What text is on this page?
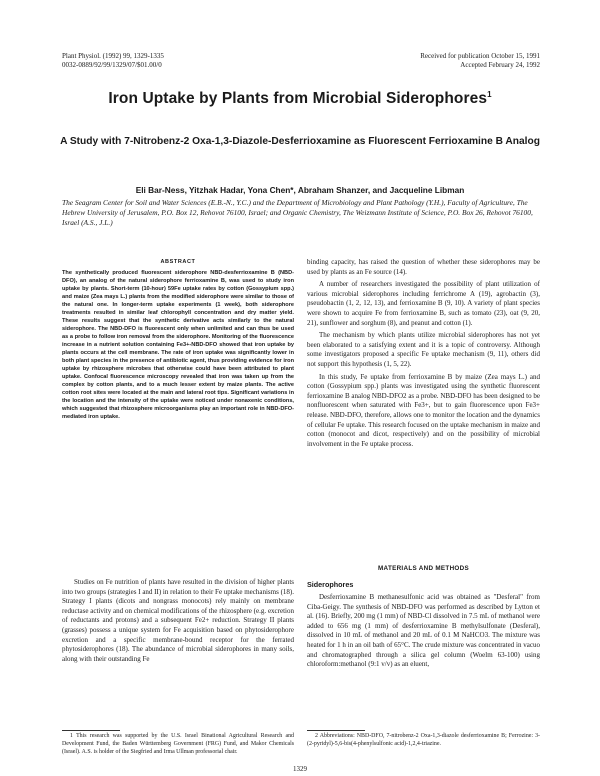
Plant Physiol. (1992) 99, 1329-1335
0032-0889/92/99/1329/07/$01.00/0
Received for publication October 15, 1991
Accepted February 24, 1992
Iron Uptake by Plants from Microbial Siderophores$^1$
A Study with 7-Nitrobenz-2 Oxa-1,3-Diazole-Desferrioxamine as Fluorescent Ferrioxamine B Analog
Eli Bar-Ness, Yitzhak Hadar, Yona Chen*, Abraham Shanzer, and Jacqueline Libman
The Seagram Center for Soil and Water Sciences (E.B.-N., Y.C.) and the Department of Microbiology and Plant Pathology (Y.H.), Faculty of Agriculture, The Hebrew University of Jerusalem, P.O. Box 12, Rehovot 76100, Israel; and Organic Chemistry, The Weizmann Institute of Science, P.O. Box 26, Rehovot 76100, Israel (A.S., J.L.)
ABSTRACT
The synthetically produced fluorescent siderophore NBD-desferrioxamine B (NBD-DFO), an analog of the natural siderophore ferrioxamine B, was used to study iron uptake by plants. Short-term (10-hour) 59Fe uptake rates by cotton (Gossypium spp.) and maize (Zea mays L.) plants from the modified siderophore were similar to those of the natural one. In longer-term uptake experiments (1 week), both siderophore treatments resulted in similar leaf chlorophyll concentration and dry matter yield. These results suggest that the synthetic derivative acts similarly to the natural siderophore. The NBD-DFO is fluorescent only when unlimited and can thus be used as a probe to follow iron removal from the siderophore. Monitoring of the fluorescence increase in a nutrient solution containing Fe3+-NBD-DFO showed that iron uptake by plants occurs at the cell membrane. The rate of iron uptake was significantly lower in both plant species in the presence of antibiotic agent, thus providing evidence for iron uptake by rhizosphere microbes that otherwise could have been attributed to plant uptake. Confocal fluorescence microscopy revealed that iron was taken up from the complex by cotton plants, and to a much lesser extent by maize plants. The active cotton root sites were located at the main and lateral root tips. Significant variations in the location and the intensity of the uptake were noticed under nonaxenic conditions, which suggested that rhizosphere microorganisms play an important role in NBD-DFO-mediated iron uptake.

Studies on Fe nutrition of plants have resulted in the division of higher plants into two groups (strategies I and II) in relation to their Fe uptake mechanisms (18). Strategy I plants (dicots and nongrass monocots) rely mainly on membrane reductase activity and on chemical modifications of the rhizosphere (e.g. excretion of reductants and protons) and a subsequent Fe2+ reduction. Strategy II plants (grasses) possess a unique system for Fe acquisition based on phytosiderophore excretion and a specific membrane-bound receptor for the ferrated phytosiderophores (18). The abundance of microbial siderophores in many soils, along with their outstanding Fe

binding capacity, has raised the question of whether these siderophores may be used by plants as an Fe source (14).

A number of researchers investigated the possibility of plant utilization of various microbial siderophores including ferrichrome A (19), agrobactin (3), pseudobactin (1, 2, 12, 13), and ferrioxamine B (9, 10). A variety of plant species were shown to acquire Fe from ferrioxamine B, such as tomato (23), oat (9, 20, 21), sunflower and sorghum (8), and peanut and cotton (1).

The mechanism by which plants utilize microbial siderophores has not yet been elaborated to a satisfying extent and it is a topic of controversy. Although some investigators proposed a specific Fe uptake mechanism (9, 11), others did not support this hypothesis (1, 5, 22).

In this study, Fe uptake from ferrioxamine B by maize (Zea mays L.) and cotton (Gossypium spp.) plants was investigated using the synthetic fluorescent ferrioxamine B analog NBD-DFO2 as a probe. NBD-DFO has been designed to be nonfluorescent when saturated with Fe3+, but to gain fluorescence upon Fe3+ release. NBD-DFO, therefore, allows one to monitor the location and the dynamics of cellular Fe uptake. This research focused on the uptake mechanism in maize and cotton (monocot and dicot, respectively) and on the possibility of microbial involvement in the Fe uptake process.

MATERIALS AND METHODS
Siderophores

Desferrioxamine B methanesulfonic acid was obtained as "Desferal" from Ciba-Geigy. The synthesis of NBD-DFO was performed as described by Lytton et al. (16). Briefly, 200 mg (1 mm) of NBD-Cl dissolved in 7.5 mL of methanol were added to 656 mg (1 mm) of desferrioxamine B methylsulfonate (Desferal), dissolved in 10 mL of methanol and 20 mL of 0.1 M NaHCO3. The mixture was heated for 1 h in an oil bath of 65°C. The crude mixture was concentrated in vacuo and chromatographed through a silica gel column (Woelm 63-100) using chloroform:methanol (9:1 v/v) as an eluent,

1 This research was supported by the U.S. Israel Binational Agricultural Research and Development Fund, the Baden Württemberg Government (FRG) Fund, and Makor Chemicals (Israel). A.S. is holder of the Siegfried and Irma Ullman professorial chair.
2 Abbreviations: NBD-DFO, 7-nitrobenz-2 Oxa-1,3-diazole desferrioxamine B; Ferrozine: 3-(2-pyridyl)-5,6-bis(4-phenylsulfonic acid)-1,2,4-triazine.
1329
